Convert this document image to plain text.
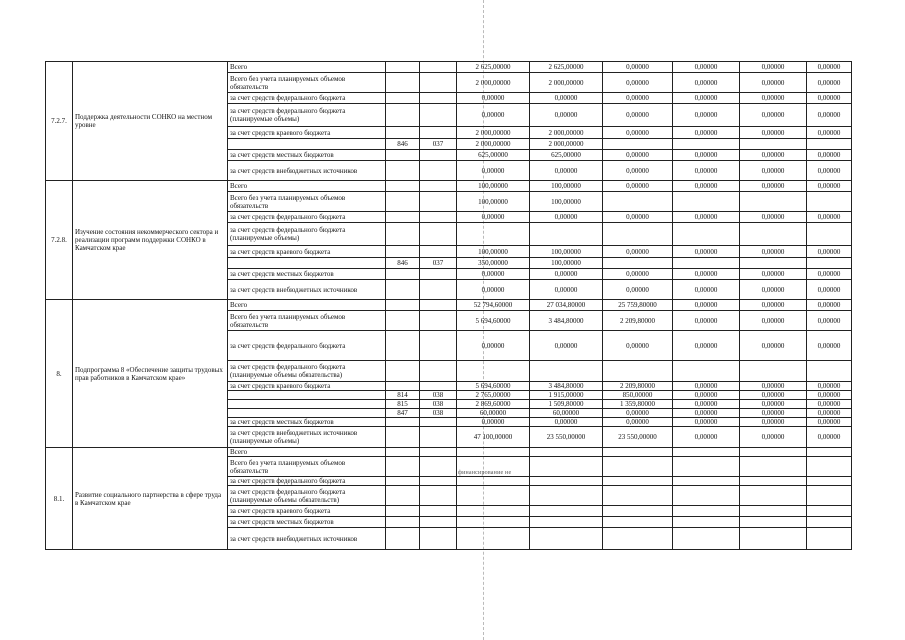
7.2.7.	Поддержка деятельности СОНКО на местном уровне	Всего			2 625,00000	2 625,00000	0,00000	0,00000	0,00000	0,00000
		Всего без учета планируемых объемов обязательств			2 000,00000	2 000,00000	0,00000	0,00000	0,00000	0,00000
		за счет средств федерального бюджета			0,00000	0,00000	0,00000	0,00000	0,00000	0,00000
		за счет средств федерального бюджета (планируемые объемы)			0,00000	0,00000	0,00000	0,00000	0,00000	0,00000
		за счет средств краевого бюджета			2 000,00000	2 000,00000	0,00000	0,00000	0,00000	0,00000
			846	037	2 000,00000	2 000,00000				
		за счет средств местных бюджетов			625,00000	625,00000	0,00000	0,00000	0,00000	0,00000
		за счет средств внебюджетных источников			0,00000	0,00000	0,00000	0,00000	0,00000	0,00000
7.2.8.	Изучение состояния некоммерческого сектора и реализации программ поддержки СОНКО в Камчатском крае	Всего			100,00000	100,00000	0,00000	0,00000	0,00000	0,00000
		Всего без учета планируемых объемов обязательств			100,00000	100,00000				
		за счет средств федерального бюджета			0,00000	0,00000	0,00000	0,00000	0,00000	0,00000
		за счет средств федерального бюджета (планируемые объемы)								
		за счет средств краевого бюджета			100,00000	100,00000	0,00000	0,00000	0,00000	0,00000
			846	037	350,00000	100,00000				
		за счет средств местных бюджетов			0,00000	0,00000	0,00000	0,00000	0,00000	0,00000
		за счет средств внебюджетных источников			0,00000	0,00000	0,00000	0,00000	0,00000	0,00000
8.	Подпрограмма 8 «Обеспечение защиты трудовых прав работников в Камчатском крае»	Всего			52 794,60000	27 034,80000	25 759,80000	0,00000	0,00000	0,00000
		Всего без учета планируемых объемов обязательств			5 694,60000	3 484,80000	2 209,80000	0,00000	0,00000	0,00000
		за счет средств федерального бюджета			0,00000	0,00000	0,00000	0,00000	0,00000	0,00000
		за счет средств федерального бюджета (планируемые объемы обязательства)								
		за счет средств краевого бюджета			5 694,60000	3 484,80000	2 209,80000	0,00000	0,00000	0,00000
			814	038	2 765,00000	1 915,00000	850,00000	0,00000	0,00000	0,00000
			815	038	2 869,60000	1 509,80000	1 359,80000	0,00000	0,00000	0,00000
			847	038	60,00000	60,00000	0,00000	0,00000	0,00000	0,00000
		за счет средств местных бюджетов			0,00000	0,00000	0,00000	0,00000	0,00000	0,00000
		за счет средств внебюджетных источников (планируемые объемы)			47 100,00000	23 550,00000	23 550,00000	0,00000	0,00000	0,00000
8.1.	Развитие социального партнерства в сфере труда в Камчатском крае	Всего								
		Всего без учета планируемых объемов обязательств								
		за счет средств федерального бюджета								
		за счет средств федерального бюджета (планируемые объемы обязательств)								
		за счет средств краевого бюджета								
		за счет средств местных бюджетов								
		за счет средств внебюджетных источников								
финансирование не
